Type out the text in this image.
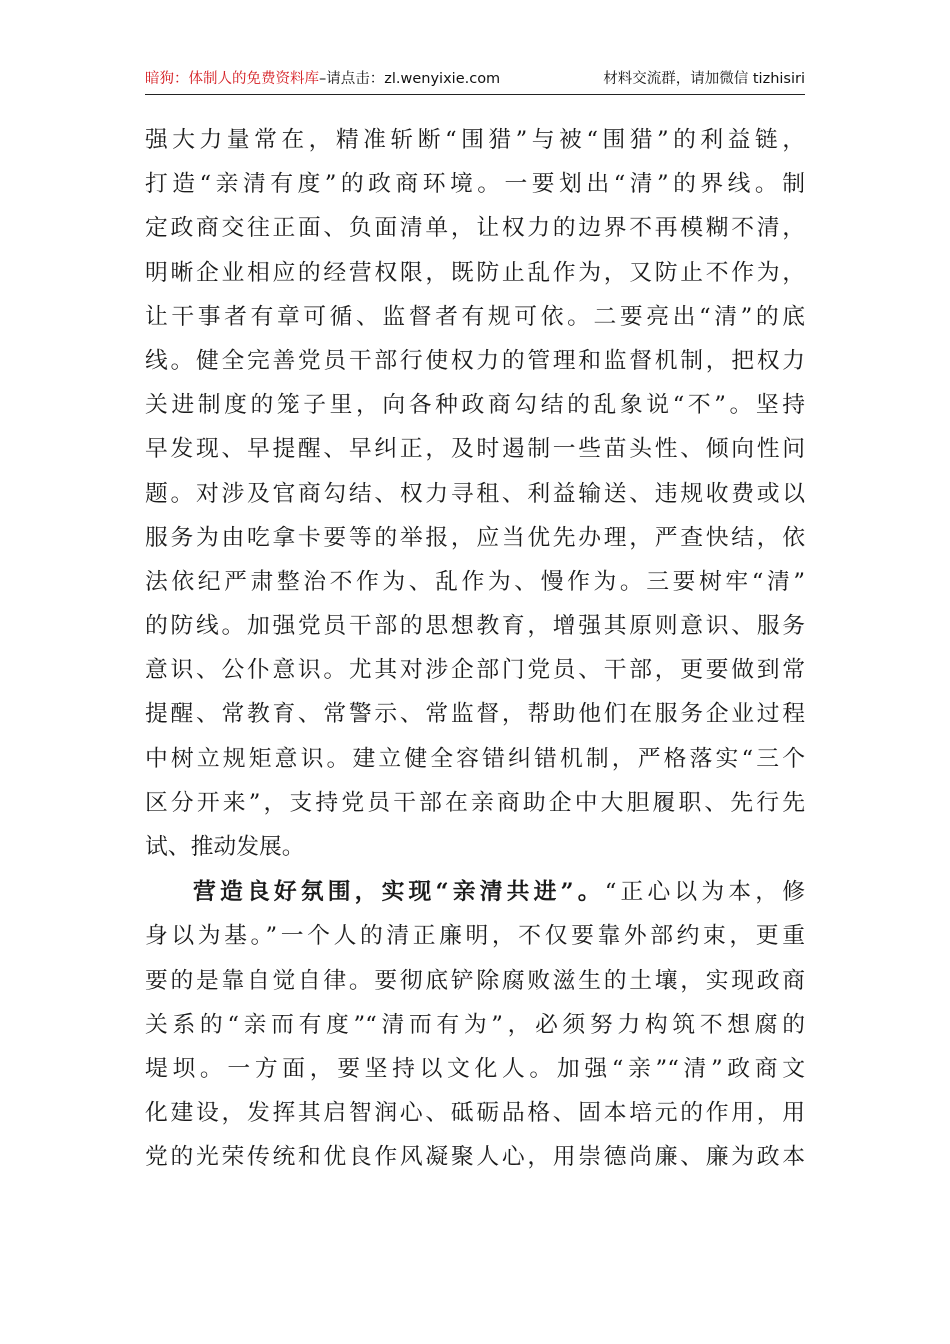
暗狗：体制人的免费资料库–请点击：zl.wenyixie.com	材料交流群，请加微信 tizhisiri
强大力量常在，精准斩断“围猎”与被“围猎”的利益链，
打造“亲清有度”的政商环境。一要划出“清”的界线。制
定政商交往正面、负面清单，让权力的边界不再模糊不清，
明晰企业相应的经营权限，既防止乱作为，又防止不作为，
让干事者有章可循、监督者有规可依。二要亮出“清”的底
线。健全完善党员干部行使权力的管理和监督机制，把权力
关进制度的笼子里，向各种政商勾结的乱象说“不”。坚持
早发现、早提醒、早纠正，及时遏制一些苗头性、倾向性问
题。对涉及官商勾结、权力寻租、利益输送、违规收费或以
服务为由吃拿卡要等的举报，应当优先办理，严查快结，依
法依纪严肃整治不作为、乱作为、慢作为。三要树牢“清”
的防线。加强党员干部的思想教育，增强其原则意识、服务
意识、公仆意识。尤其对涉企部门党员、干部，更要做到常
提醒、常教育、常警示、常监督，帮助他们在服务企业过程
中树立规矩意识。建立健全容错纠错机制，严格落实“三个
区分开来”，支持党员干部在亲商助企中大胆履职、先行先
试、推动发展。
营造良好氛围，实现“亲清共进”。“正心以为本，修
身以为基。”一个人的清正廉明，不仅要靠外部约束，更重
要的是靠自觉自律。要彻底铲除腐败滋生的土壤，实现政商
关系的“亲而有度”“清而有为”，必须努力构筑不想腐的
堤坝。一方面，要坚持以文化人。加强“亲”“清”政商文
化建设，发挥其启智润心、砥砺品格、固本培元的作用，用
党的光荣传统和优良作风凝聚人心，用崇德尚廉、廉为政本
